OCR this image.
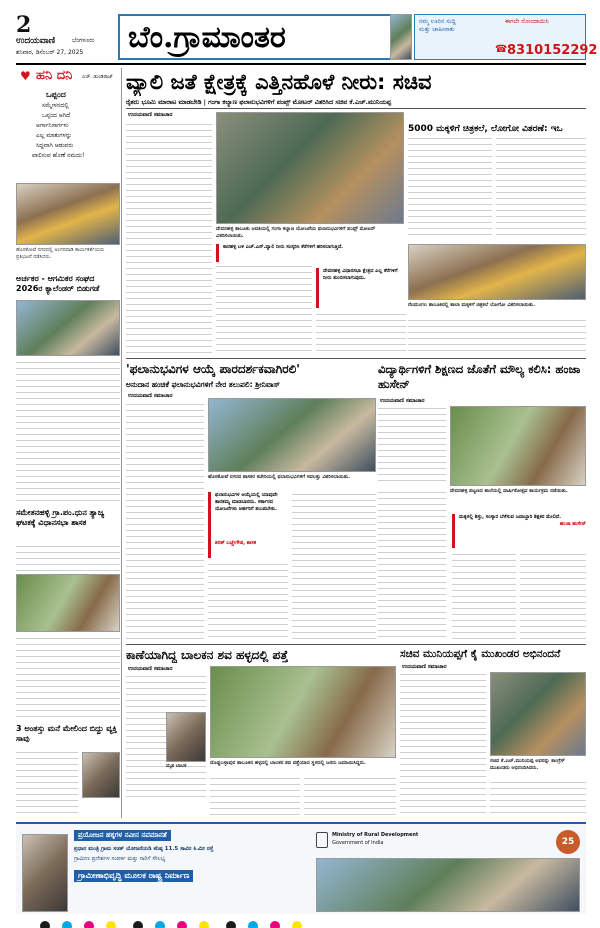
2
ಉದಯವಾಣಿ	ಬೆಂಗಳೂರು
ಶನಿವಾರ, ಡಿಸೆಂಬರ್ 27, 2025 ಬೆಂ.ಗ್ರಾಮಾಂತರ	ನಮ್ಮ ಊರಿನ ಸುದ್ದಿ
ಮತ್ತು ಜಾಹೀರಾತು
ಈಗಲೇ ನೋಂದಾಯಿಸಿ
8310152292
☎
♥ ಹನಿ ದನಿ ಎಚ್. ಡುಂಡಿರಾಜ್
ಒಪ್ಪಂದ
ಸಮ್ಮೇಳನದಲ್ಲಿ
ಒಪ್ಪಂದ ಆಗಿದೆ
ಅರ್ಗಾನಿಸಾರ್ಗಳು
ಎಲ್ಲ ಮಾತುಗಳನ್ನು
ಸಿದ್ಧವಾಗಿ ಆಡುವರು
ಪಾಲಿಸುವ ಹೊಣೆ ನಮದು!
ಹೊಸಕೋಟೆ ನಗರದಲ್ಲಿ ಅಂಗನವಾಡಿ ಕಾರ್ಯಕರ್ತೆಯರು ಪ್ರತಿಭಟನೆ ನಡೆಸಿದರು.
ಅರ್ಚಕರ - ಆಗಮಿಕರ ಸಂಘದ 2026ರ ಕ್ಯಾಲೆಂಡರ್ ಬಿಡುಗಡೆ
ಸಮೇತನಹಳ್ಳಿ ಗ್ರಾ.ಪಂ.ಧುನ ತ್ಯಾಜ್ಯ ಘಟಕಕ್ಕೆ ವಿಧಾನಸಭಾ ಶಾಸಕ
3 ಅಂತಸ್ತು ಮನೆ ಮೇಲಿಂದ ಬಿದ್ದು ವ್ಯಕ್ತಿ ಸಾವು
ವ್ಯಾಲಿ ಜತೆ ಕ್ಷೇತ್ರಕ್ಕೆ ಎತ್ತಿನಹೊಳೆ ನೀರು: ಸಚಿವ
ರೈತರು ಭೂಮಿ ಮಾರಾಟ ಮಾಡಬೇಡಿ | ಗಂಗಾ ಕಲ್ಯಾಣ ಫಲಾನುಭವಿಗಳಿಗೆ ಪಂಪ್ಸ್ ಮೋಟರ್ ವಿತರಿಸಿದ ಸಚಿವ ಕೆ.ಎಚ್.ಮುನಿಯಪ್ಪ
ಉದಯವಾಣಿ ಸಮಾಚಾರ
ದೇವನಹಳ್ಳಿ ತಾಲೂಕು ಆವತಿಯಲ್ಲಿ ಗಂಗಾ ಕಲ್ಯಾಣ ಯೋಜನೆಯ ಫಲಾನುಭವಿಗಳಿಗೆ ಪಂಪ್ಸ್ ಮೋಟರ್ ವಿತರಿಸಲಾಯಿತು.
ಕಾರಹಳ್ಳಿ ಬಳಿ ಎಚ್.ಎನ್.ವ್ಯಾಲಿ ನೀರು ಸಂಸ್ಕರಿಸಿ ಕೆರೆಗಳಿಗೆ ಹರಿಸಲಾಗುತ್ತಿದೆ.
ದೇವನಹಳ್ಳಿ ವಿಧಾನಸಭಾ ಕ್ಷೇತ್ರದ ಎಲ್ಲ ಕೆರೆಗಳಿಗೆ ನೀರು ತುಂಬಿಸಲಾಗುವುದು.
5000 ಮಕ್ಕಳಿಗೆ ಚಿತ್ರಕಲೆ, ಲೋಗೋ ವಿತರಣೆ: ಇಒ
ನೆಲಮಂಗಲ ತಾಲೂಕಿನಲ್ಲಿ ಶಾಲಾ ಮಕ್ಕಳಿಗೆ ಚಿತ್ರಕಲೆ ಲೋಗೋ ವಿತರಿಸಲಾಯಿತು.
'ಫಲಾನುಭವಿಗಳ ಆಯ್ಕೆ ಪಾರದರ್ಶಕವಾಗಿರಲಿ'
ಅನುದಾನ ಹಂಚಿಕೆ ಫಲಾನುಭವಿಗಳಿಗೆ ನೇರ ತಲುಪಲಿ: ಶ್ರೀನಿವಾಸ್
ಉದಯವಾಣಿ ಸಮಾಚಾರ
ಹೊಸಕೋಟೆ ನಗರದ ಶಾಸಕರ ಕಚೇರಿಯಲ್ಲಿ ಫಲಾನುಭವಿಗಳಿಗೆ ಸವಲತ್ತು ವಿತರಿಸಲಾಯಿತು.
ಫಲಾನುಭವಿಗಳ ಆಯ್ಕೆಯಲ್ಲಿ ಯಾವುದೇ ತಾರತಮ್ಯ ಮಾಡಬಾರದು. ಸರ್ಕಾರದ ಯೋಜನೆಗಳು ಅರ್ಹರಿಗೆ ತಲುಪಬೇಕು.
ಶರತ್ ಬಚ್ಚೇಗೌಡ, ಶಾಸಕ
ವಿದ್ಯಾರ್ಥಿಗಳಿಗೆ ಶಿಕ್ಷಣದ ಜೊತೆಗೆ ಮೌಲ್ಯ ಕಲಿಸಿ: ಹಂಜಾ ಹುಸೇನ್
ಉದಯವಾಣಿ ಸಮಾಚಾರ
ದೇವನಹಳ್ಳಿ ಪಟ್ಟಣದ ಶಾಲೆಯಲ್ಲಿ ವಾರ್ಷಿಕೋತ್ಸವ ಕಾರ್ಯಕ್ರಮ ನಡೆಯಿತು.
ಮಕ್ಕಳಲ್ಲಿ ಶಿಸ್ತು, ಸಂಸ್ಕಾರ ಬೆಳೆಸುವ ಜವಾಬ್ದಾರಿ ಶಿಕ್ಷಕರ ಮೇಲಿದೆ.
ಹಂಜಾ ಹುಸೇನ್
ಕಾಣೆಯಾಗಿದ್ದ ಬಾಲಕನ ಶವ ಹಳ್ಳದಲ್ಲಿ ಪತ್ತೆ
ಉದಯವಾಣಿ ಸಮಾಚಾರ
ಮೃತ ಬಾಲಕ	ದೊಡ್ಡಬಳ್ಳಾಪುರ ತಾಲೂಕಿನ ಹಳ್ಳದಲ್ಲಿ ಬಾಲಕನ ಶವ ಪತ್ತೆಯಾದ ಸ್ಥಳದಲ್ಲಿ ಜನರು ಜಮಾಯಿಸಿದ್ದರು.
ಸಚಿವ ಮುನಿಯಪ್ಪಗೆ ಕೈ ಮುಖಂಡರ ಅಭಿನಂದನೆ
ಉದಯವಾಣಿ ಸಮಾಚಾರ
ಸಚಿವ ಕೆ.ಎಚ್.ಮುನಿಯಪ್ಪ ಅವರನ್ನು ಕಾಂಗ್ರೆಸ್ ಮುಖಂಡರು ಅಭಿನಂದಿಸಿದರು.
ಪ್ರಯೋಜನ ಹಕ್ಕಗಳ ನವೀನ ನವಮಾನತೆ
ಪ್ರಧಾನ ಮಂತ್ರಿ ಗ್ರಾಮ ಸಡಕ್ ಯೋಜನೆಯಡಿ ಕನಿಷ್ಠ 11.5 ಸಾವಿರ ಕಿ.ಮೀ ರಸ್ತೆ
ಗ್ರಾಮೀಣ ಪ್ರದೇಶಗಳ ಸಂಪರ್ಕ ಮತ್ತು ಸಾರಿಗೆ ಸೌಲಭ್ಯ
ಗ್ರಾಮೀಣಾಭಿವೃದ್ಧಿ ಮೂಲಕ ರಾಷ್ಟ್ರ ನಿರ್ಮಾಣ
Ministry of Rural Development
Government of India	25
